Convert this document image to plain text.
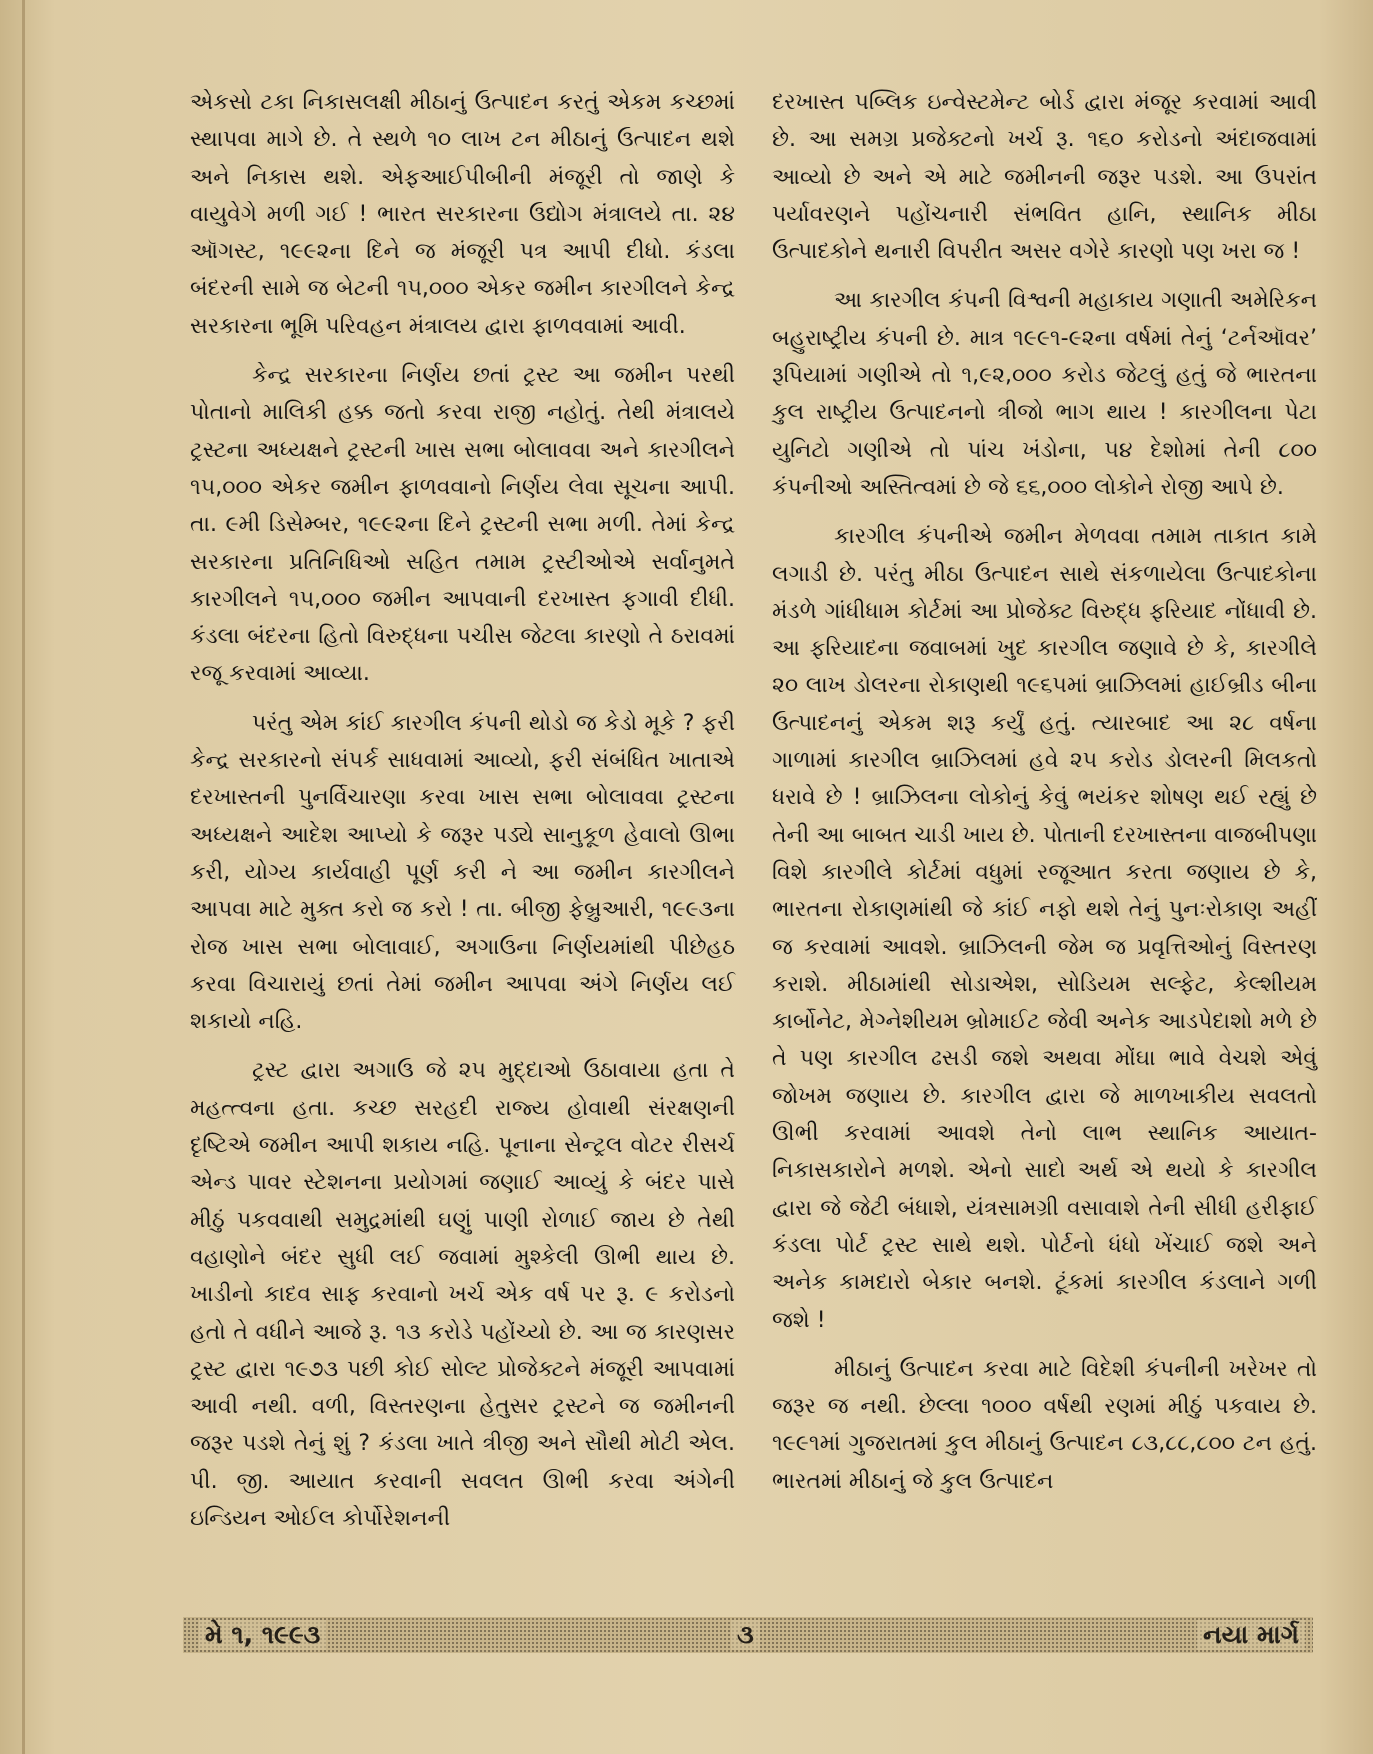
એકસો ટકા નિકાસલક્ષી મીઠાનું ઉત્પાદન કરતું એકમ કચ્છમાં સ્થાપવા માગે છે. તે સ્થળે ૧૦ લાખ ટન મીઠાનું ઉત્પાદન થશે અને નિકાસ થશે. એફઆઈપીબીની મંજૂરી તો જાણે કે વાયુવેગે મળી ગઈ ! ભારત સરકારના ઉદ્યોગ મંત્રાલયે તા. ૨૪ ઑગસ્ટ, ૧૯૯૨ના દિને જ મંજૂરી પત્ર આપી દીધો. કંડલા બંદરની સામે જ બેટની ૧૫,૦૦૦ એકર જમીન કારગીલને કેન્દ્ર સરકારના ભૂમિ પરિવહન મંત્રાલય દ્વારા ફાળવવામાં આવી.

કેન્દ્ર સરકારના નિર્ણય છતાં ટ્રસ્ટ આ જમીન પરથી પોતાનો માલિકી હક્ક જતો કરવા રાજી નહોતું. તેથી મંત્રાલયે ટ્રસ્ટના અધ્યક્ષને ટ્રસ્ટની ખાસ સભા બોલાવવા અને કારગીલને ૧૫,૦૦૦ એકર જમીન ફાળવવાનો નિર્ણય લેવા સૂચના આપી. તા. ૯મી ડિસેમ્બર, ૧૯૯૨ના દિને ટ્રસ્ટની સભા મળી. તેમાં કેન્દ્ર સરકારના પ્રતિનિધિઓ સહિત તમામ ટ્રસ્ટીઓએ સર્વાનુમતે કારગીલને ૧૫,૦૦૦ જમીન આપવાની દરખાસ્ત ફગાવી દીધી. કંડલા બંદરના હિતો વિરુદ્ધના પચીસ જેટલા કારણો તે ઠરાવમાં રજૂ કરવામાં આવ્યા.

પરંતુ એમ કાંઈ કારગીલ કંપની થોડો જ કેડો મૂકે ? ફરી કેન્દ્ર સરકારનો સંપર્ક સાધવામાં આવ્યો, ફરી સંબંધિત ખાતાએ દરખાસ્તની પુનર્વિચારણા કરવા ખાસ સભા બોલાવવા ટ્રસ્ટના અધ્યક્ષને આદેશ આપ્યો કે જરૂર પડ્યે સાનુકૂળ હેવાલો ઊભા કરી, યોગ્ય કાર્યવાહી પૂર્ણ કરી ને આ જમીન કારગીલને આપવા માટે મુક્ત કરો જ કરો ! તા. બીજી ફેબ્રુઆરી, ૧૯૯૩ના રોજ ખાસ સભા બોલાવાઈ, અગાઉના નિર્ણયમાંથી પીછેહઠ કરવા વિચારાયું છતાં તેમાં જમીન આપવા અંગે નિર્ણય લઈ શકાયો નહિ.

ટ્રસ્ટ દ્વારા અગાઉ જે ૨૫ મુદ્દાઓ ઉઠાવાયા હતા તે મહત્ત્વના હતા. કચ્છ સરહદી રાજ્ય હોવાથી સંરક્ષણની દૃષ્ટિએ જમીન આપી શકાય નહિ. પૂનાના સેન્ટ્રલ વોટર રીસર્ચ એન્ડ પાવર સ્ટેશનના પ્રયોગમાં જણાઈ આવ્યું કે બંદર પાસે મીઠું પકવવાથી સમુદ્રમાંથી ઘણું પાણી રોળાઈ જાય છે તેથી વહાણોને બંદર સુધી લઈ જવામાં મુશ્કેલી ઊભી થાય છે. ખાડીનો કાદવ સાફ કરવાનો ખર્ચ એક વર્ષ પર રૂ. ૯ કરોડનો હતો તે વધીને આજે રૂ. ૧૩ કરોડે પહોંચ્યો છે. આ જ કારણસર ટ્રસ્ટ દ્વારા ૧૯૭૩ પછી કોઈ સોલ્ટ પ્રોજેક્ટને મંજૂરી આપવામાં આવી નથી. વળી, વિસ્તરણના હેતુસર ટ્રસ્ટને જ જમીનની જરૂર પડશે તેનું શું ? કંડલા ખાતે ત્રીજી અને સૌથી મોટી એલ. પી. જી. આયાત કરવાની સવલત ઊભી કરવા અંગેની ઇન્ડિયન ઓઈલ કોર્પોરેશનની

દરખાસ્ત પબ્લિક ઇન્વેસ્ટમેન્ટ બોર્ડ દ્વારા મંજૂર કરવામાં આવી છે. આ સમગ્ર પ્રજેક્ટનો ખર્ચ રૂ. ૧૬૦ કરોડનો અંદાજવામાં આવ્યો છે અને એ માટે જમીનની જરૂર પડશે. આ ઉપરાંત પર્યાવરણને પહોંચનારી સંભવિત હાનિ, સ્થાનિક મીઠા ઉત્પાદકોને થનારી વિપરીત અસર વગેરે કારણો પણ ખરા જ !

આ કારગીલ કંપની વિશ્વની મહાકાય ગણાતી અમેરિકન બહુરાષ્ટ્રીય કંપની છે. માત્ર ૧૯૯૧-૯૨ના વર્ષમાં તેનું ‘ટર્નઑવર’ રૂપિયામાં ગણીએ તો ૧,૯૨,૦૦૦ કરોડ જેટલું હતું જે ભારતના કુલ રાષ્ટ્રીય ઉત્પાદનનો ત્રીજો ભાગ થાય ! કારગીલના પેટા યુનિટો ગણીએ તો પાંચ ખંડોના, ૫૪ દેશોમાં તેની ૮૦૦ કંપનીઓ અસ્તિત્વમાં છે જે ૬૬,૦૦૦ લોકોને રોજી આપે છે.

કારગીલ કંપનીએ જમીન મેળવવા તમામ તાકાત કામે લગાડી છે. પરંતુ મીઠા ઉત્પાદન સાથે સંકળાયેલા ઉત્પાદકોના મંડળે ગાંધીધામ કોર્ટમાં આ પ્રોજેક્ટ વિરુદ્ધ ફરિયાદ નોંધાવી છે. આ ફરિયાદના જવાબમાં ખુદ કારગીલ જણાવે છે કે, કારગીલે ૨૦ લાખ ડોલરના રોકાણથી ૧૯૬૫માં બ્રાઝિલમાં હાઈબ્રીડ બીના ઉત્પાદનનું એકમ શરૂ કર્યું હતું. ત્યારબાદ આ ૨૮ વર્ષના ગાળામાં કારગીલ બ્રાઝિલમાં હવે ૨૫ કરોડ ડોલરની મિલકતો ધરાવે છે ! બ્રાઝિલના લોકોનું કેવું ભયંકર શોષણ થઈ રહ્યું છે તેની આ બાબત ચાડી ખાય છે. પોતાની દરખાસ્તના વાજબીપણા વિશે કારગીલે કોર્ટમાં વધુમાં રજૂઆત કરતા જણાય છે કે, ભારતના રોકાણમાંથી જે કાંઈ નફો થશે તેનું પુનઃરોકાણ અહીં જ કરવામાં આવશે. બ્રાઝિલની જેમ જ પ્રવૃત્તિઓનું વિસ્તરણ કરાશે. મીઠામાંથી સોડાએશ, સોડિયમ સલ્ફેટ, કેલ્શીયમ કાર્બોનેટ, મેગ્નેશીયમ બ્રોમાઈટ જેવી અનેક આડપેદાશો મળે છે તે પણ કારગીલ ઢસડી જશે અથવા મોંઘા ભાવે વેચશે એવું જોખમ જણાય છે. કારગીલ દ્વારા જે માળખાકીય સવલતો ઊભી કરવામાં આવશે તેનો લાભ સ્થાનિક આયાત-નિકાસકારોને મળશે. એનો સાદો અર્થ એ થયો કે કારગીલ દ્વારા જે જેટી બંધાશે, યંત્રસામગ્રી વસાવાશે તેની સીધી હરીફાઈ કંડલા પોર્ટ ટ્રસ્ટ સાથે થશે. પોર્ટનો ધંધો ખેંચાઈ જશે અને અનેક કામદારો બેકાર બનશે. ટૂંકમાં કારગીલ કંડલાને ગળી જશે !

મીઠાનું ઉત્પાદન કરવા માટે વિદેશી કંપનીની ખરેખર તો જરૂર જ નથી. છેલ્લા ૧૦૦૦ વર્ષથી રણમાં મીઠું પકવાય છે. ૧૯૯૧માં ગુજરાતમાં કુલ મીઠાનું ઉત્પાદન ૮૩,૮૮,૮૦૦ ટન હતું. ભારતમાં મીઠાનું જે કુલ ઉત્પાદન

મે ૧, ૧૯૯૩	૩	નયા માર્ગ
